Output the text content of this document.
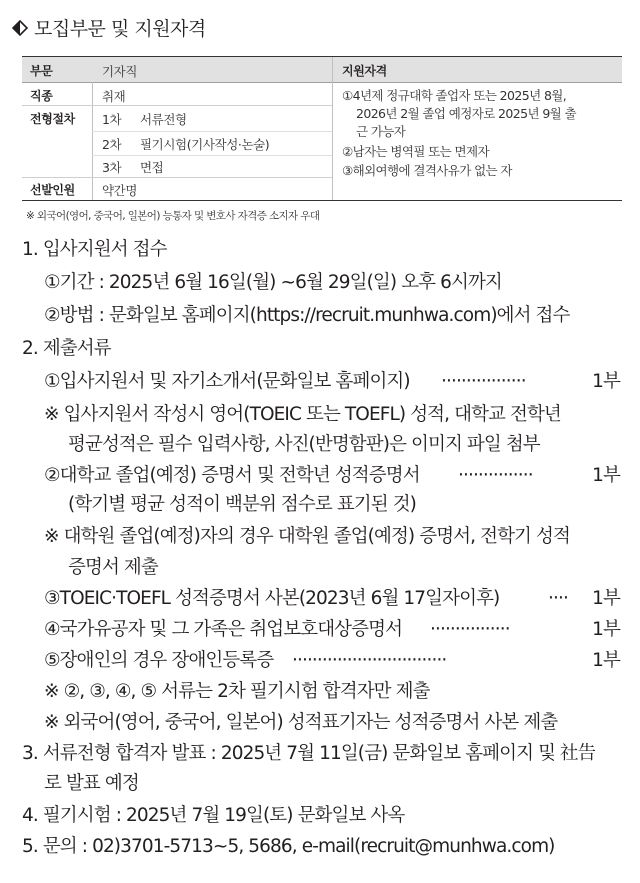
모집부문 및 지원자격
부문	기자직
직종	취재
전형절차 1차 서류전형
2차 필기시험(기사작성·논술)
3차 면접
선발인원 약간명
지원자격
①4년제 정규대학 졸업자 또는 2025년 8월,
2026년 2월 졸업 예정자로 2025년 9월 출
근 가능자
②남자는 병역필 또는 면제자
③해외여행에 결격사유가 없는 자
※ 외국어(영어, 중국어, 일본어) 능통자 및 변호사 자격증 소지자 우대
1. 입사지원서 접수
①기간 : 2025년 6월 16일(월) ~6월 29일(일) 오후 6시까지
②방법 : 문화일보 홈페이지(https://recruit.munhwa.com)에서 접수
2. 제출서류
①입사지원서 및 자기소개서(문화일보 홈페이지) ·················	1부
※ 입사지원서 작성시 영어(TOEIC 또는 TOEFL) 성적, 대학교 전학년
평균성적은 필수 입력사항, 사진(반명함판)은 이미지 파일 첨부
②대학교 졸업(예정) 증명서 및 전학년 성적증명서 ···············	1부
(학기별 평균 성적이 백분위 점수로 표기된 것)
※ 대학원 졸업(예정)자의 경우 대학원 졸업(예정) 증명서, 전학기 성적
증명서 제출
③TOEIC·TOEFL 성적증명서 사본(2023년 6월 17일자이후)	···· 1부
④국가유공자 및 그 가족은 취업보호대상증명서 ················	1부
⑤장애인의 경우 장애인등록증 ·······························	1부
※ ②, ③, ④, ⑤ 서류는 2차 필기시험 합격자만 제출
※ 외국어(영어, 중국어, 일본어) 성적표기자는 성적증명서 사본 제출
3. 서류전형 합격자 발표 : 2025년 7월 11일(금) 문화일보 홈페이지 및 社告
로 발표 예정
4. 필기시험 : 2025년 7월 19일(토) 문화일보 사옥
5. 문의 : 02)3701-5713~5, 5686, e-mail(recruit@munhwa.com)
